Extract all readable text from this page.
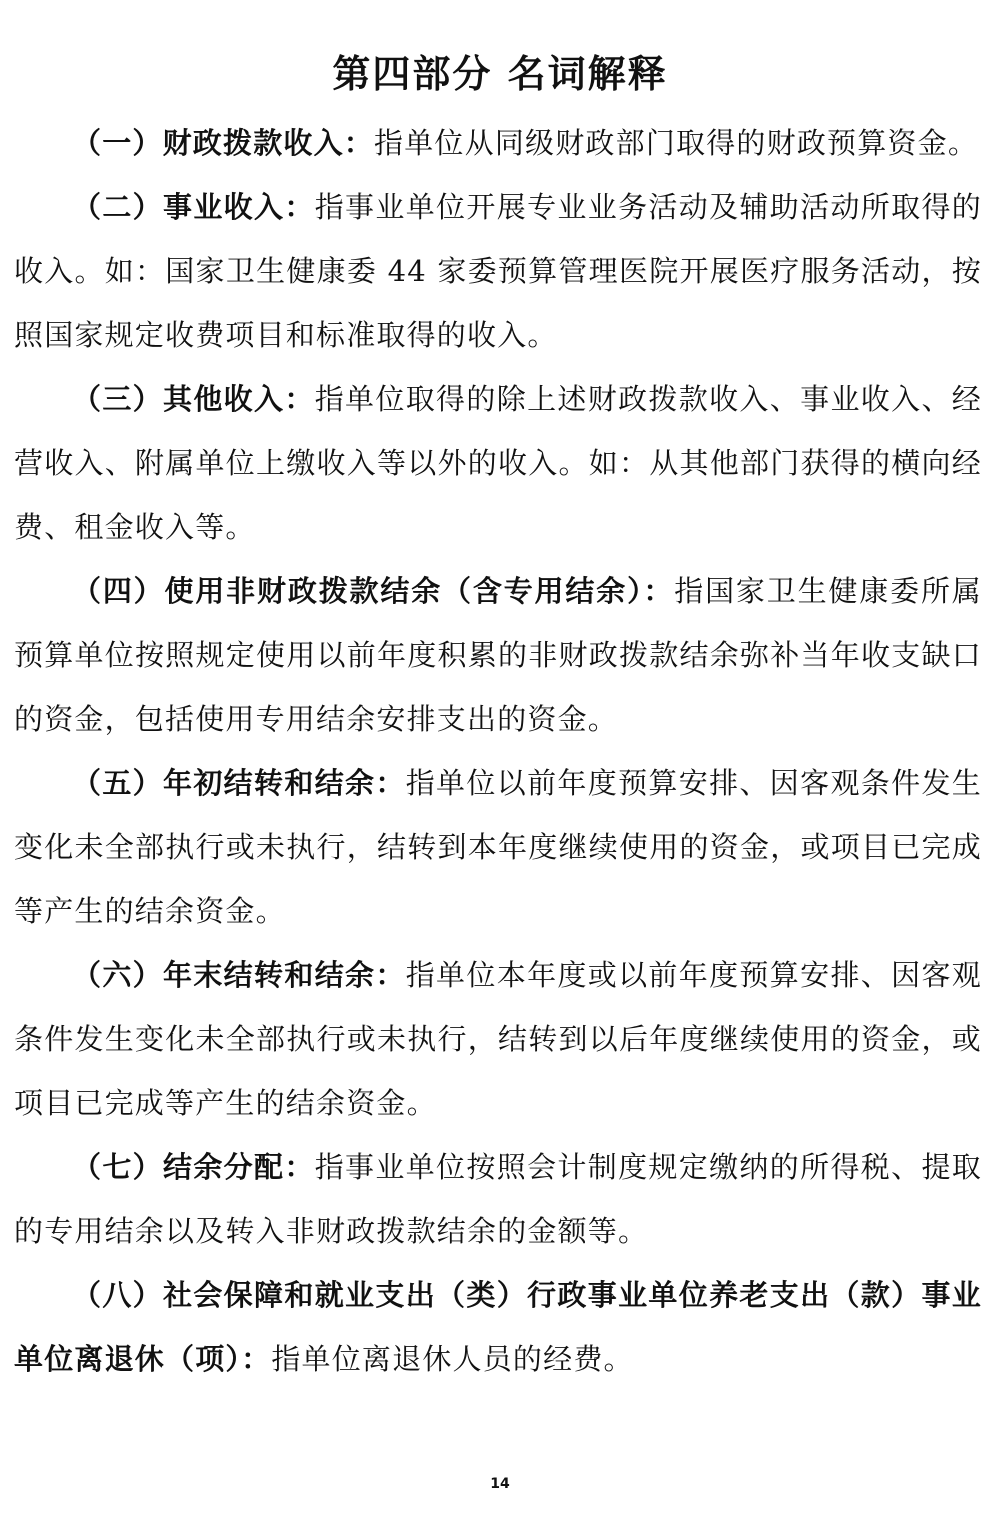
第四部分 名词解释

（一）财政拨款收入：指单位从同级财政部门取得的财政预算资金。

（二）事业收入：指事业单位开展专业业务活动及辅助活动所取得的收入。如：国家卫生健康委 44 家委预算管理医院开展医疗服务活动，按照国家规定收费项目和标准取得的收入。

（三）其他收入：指单位取得的除上述财政拨款收入、事业收入、经营收入、附属单位上缴收入等以外的收入。如：从其他部门获得的横向经费、租金收入等。

（四）使用非财政拨款结余（含专用结余）：指国家卫生健康委所属预算单位按照规定使用以前年度积累的非财政拨款结余弥补当年收支缺口的资金，包括使用专用结余安排支出的资金。

（五）年初结转和结余：指单位以前年度预算安排、因客观条件发生变化未全部执行或未执行，结转到本年度继续使用的资金，或项目已完成等产生的结余资金。

（六）年末结转和结余：指单位本年度或以前年度预算安排、因客观条件发生变化未全部执行或未执行，结转到以后年度继续使用的资金，或项目已完成等产生的结余资金。

（七）结余分配：指事业单位按照会计制度规定缴纳的所得税、提取的专用结余以及转入非财政拨款结余的金额等。

（八）社会保障和就业支出（类）行政事业单位养老支出（款）事业单位离退休（项）：指单位离退休人员的经费。

14
